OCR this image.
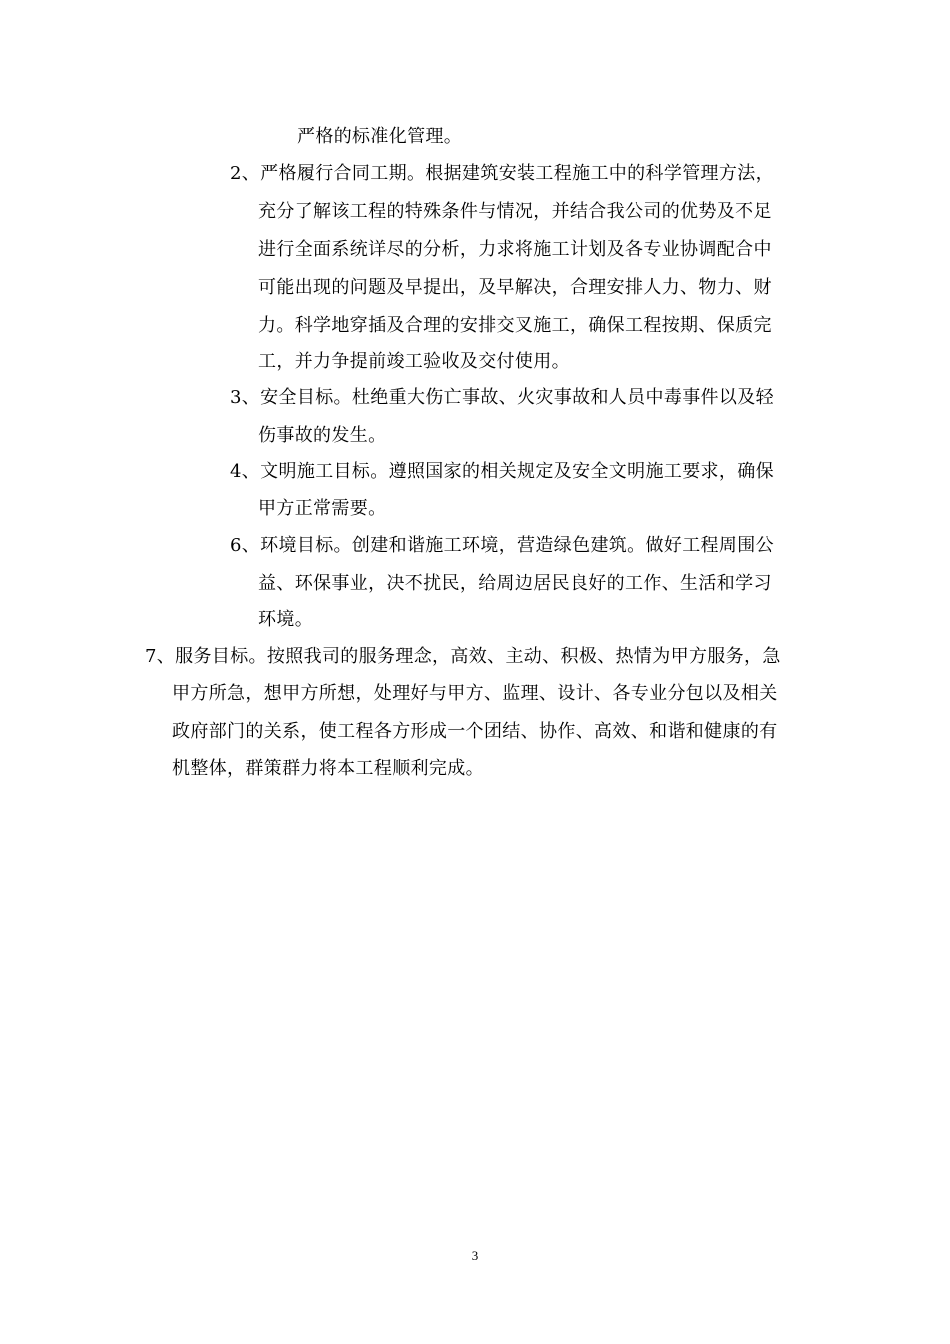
严格的标准化管理。
2、严格履行合同工期。根据建筑安装工程施工中的科学管理方法，
充分了解该工程的特殊条件与情况，并结合我公司的优势及不足
进行全面系统详尽的分析，力求将施工计划及各专业协调配合中
可能出现的问题及早提出，及早解决，合理安排人力、物力、财
力。科学地穿插及合理的安排交叉施工，确保工程按期、保质完
工，并力争提前竣工验收及交付使用。
3、安全目标。杜绝重大伤亡事故、火灾事故和人员中毒事件以及轻
伤事故的发生。
4、文明施工目标。遵照国家的相关规定及安全文明施工要求，确保
甲方正常需要。
6、环境目标。创建和谐施工环境，营造绿色建筑。做好工程周围公
益、环保事业，决不扰民，给周边居民良好的工作、生活和学习
环境。
7、服务目标。按照我司的服务理念，高效、主动、积极、热情为甲方服务，急
甲方所急，想甲方所想，处理好与甲方、监理、设计、各专业分包以及相关
政府部门的关系，使工程各方形成一个团结、协作、高效、和谐和健康的有
机整体，群策群力将本工程顺利完成。
3
